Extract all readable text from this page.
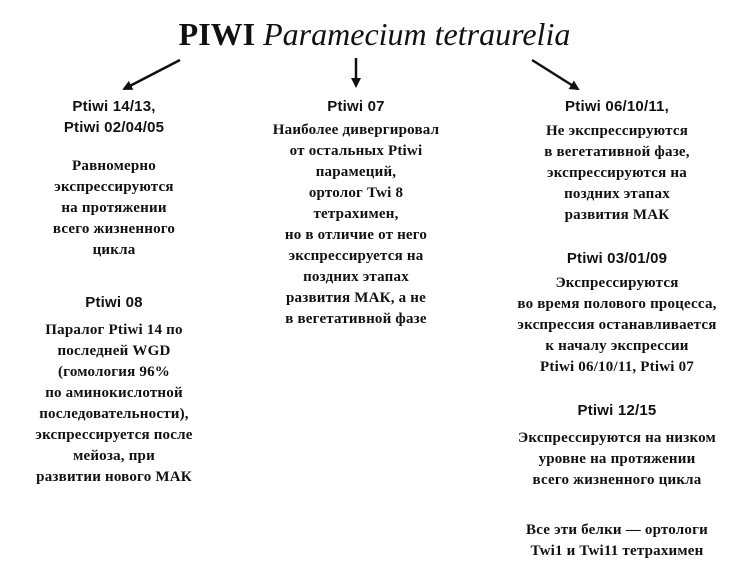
PIWI Paramecium tetraurelia
Ptiwi 14/13,
Ptiwi 02/04/05
Равномерно
экспрессируются
на протяжении
всего жизненного
цикла
Ptiwi 08
Паралог Ptiwi 14 по
последней WGD
(гомология 96%
по аминокислотной
последовательности),
экспрессируется после
мейоза, при
развитии нового МАК
Ptiwi 07
Наиболее дивергировал
от остальных Ptiwi
парамеций,
ортолог Twi 8
тетрахимен,
но в отличие от него
экспрессируется на
поздних этапах
развития МАК, а не
в вегетативной фазе
Ptiwi 06/10/11,
Не экспрессируются
в вегетативной фазе,
экспрессируются на
поздних этапах
развития МАК
Ptiwi 03/01/09
Экспрессируются
во время полового процесса,
экспрессия останавливается
к началу экспрессии
Ptiwi 06/10/11, Ptiwi 07
Ptiwi 12/15
Экспрессируются на низком
уровне на протяжении
всего жизненного цикла
Все эти белки — ортологи
Twi1 и Twi11 тетрахимен
